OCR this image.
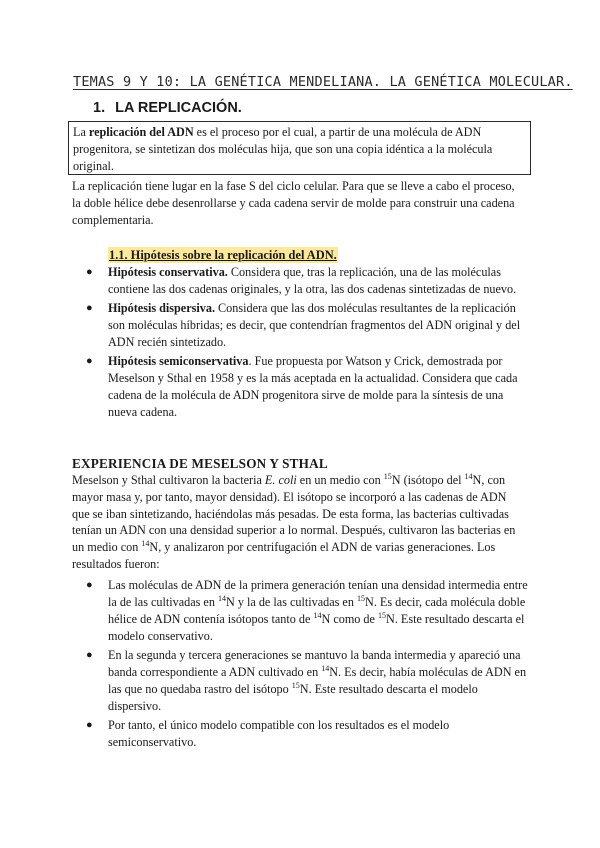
TEMAS 9 Y 10: LA GENÉTICA MENDELIANA. LA GENÉTICA MOLECULAR.
1. LA REPLICACIÓN.
La replicación del ADN es el proceso por el cual, a partir de una molécula de ADN progenitora, se sintetizan dos moléculas hija, que son una copia idéntica a la molécula original.
La replicación tiene lugar en la fase S del ciclo celular. Para que se lleve a cabo el proceso, la doble hélice debe desenrollarse y cada cadena servir de molde para construir una cadena complementaria.
1.1. Hipótesis sobre la replicación del ADN.
● Hipótesis conservativa. Considera que, tras la replicación, una de las moléculas contiene las dos cadenas originales, y la otra, las dos cadenas sintetizadas de nuevo.
● Hipótesis dispersiva. Considera que las dos moléculas resultantes de la replicación son moléculas híbridas; es decir, que contendrían fragmentos del ADN original y del ADN recién sintetizado.
● Hipótesis semiconservativa. Fue propuesta por Watson y Crick, demostrada por Meselson y Sthal en 1958 y es la más aceptada en la actualidad. Considera que cada cadena de la molécula de ADN progenitora sirve de molde para la síntesis de una nueva cadena.
EXPERIENCIA DE MESELSON Y STHAL
Meselson y Sthal cultivaron la bacteria E. coli en un medio con $^{15}$N (isótopo del $^{14}$N, con mayor masa y, por tanto, mayor densidad). El isótopo se incorporó a las cadenas de ADN que se iban sintetizando, haciéndolas más pesadas. De esta forma, las bacterias cultivadas tenían un ADN con una densidad superior a lo normal. Después, cultivaron las bacterias en un medio con $^{14}$N, y analizaron por centrifugación el ADN de varias generaciones. Los resultados fueron:
● Las moléculas de ADN de la primera generación tenían una densidad intermedia entre la de las cultivadas en $^{14}$N y la de las cultivadas en $^{15}$N. Es decir, cada molécula doble hélice de ADN contenía isótopos tanto de $^{14}$N como de $^{15}$N. Este resultado descarta el modelo conservativo.
● En la segunda y tercera generaciones se mantuvo la banda intermedia y apareció una banda correspondiente a ADN cultivado en $^{14}$N. Es decir, había moléculas de ADN en las que no quedaba rastro del isótopo $^{15}$N. Este resultado descarta el modelo dispersivo.
● Por tanto, el único modelo compatible con los resultados es el modelo semiconservativo.
